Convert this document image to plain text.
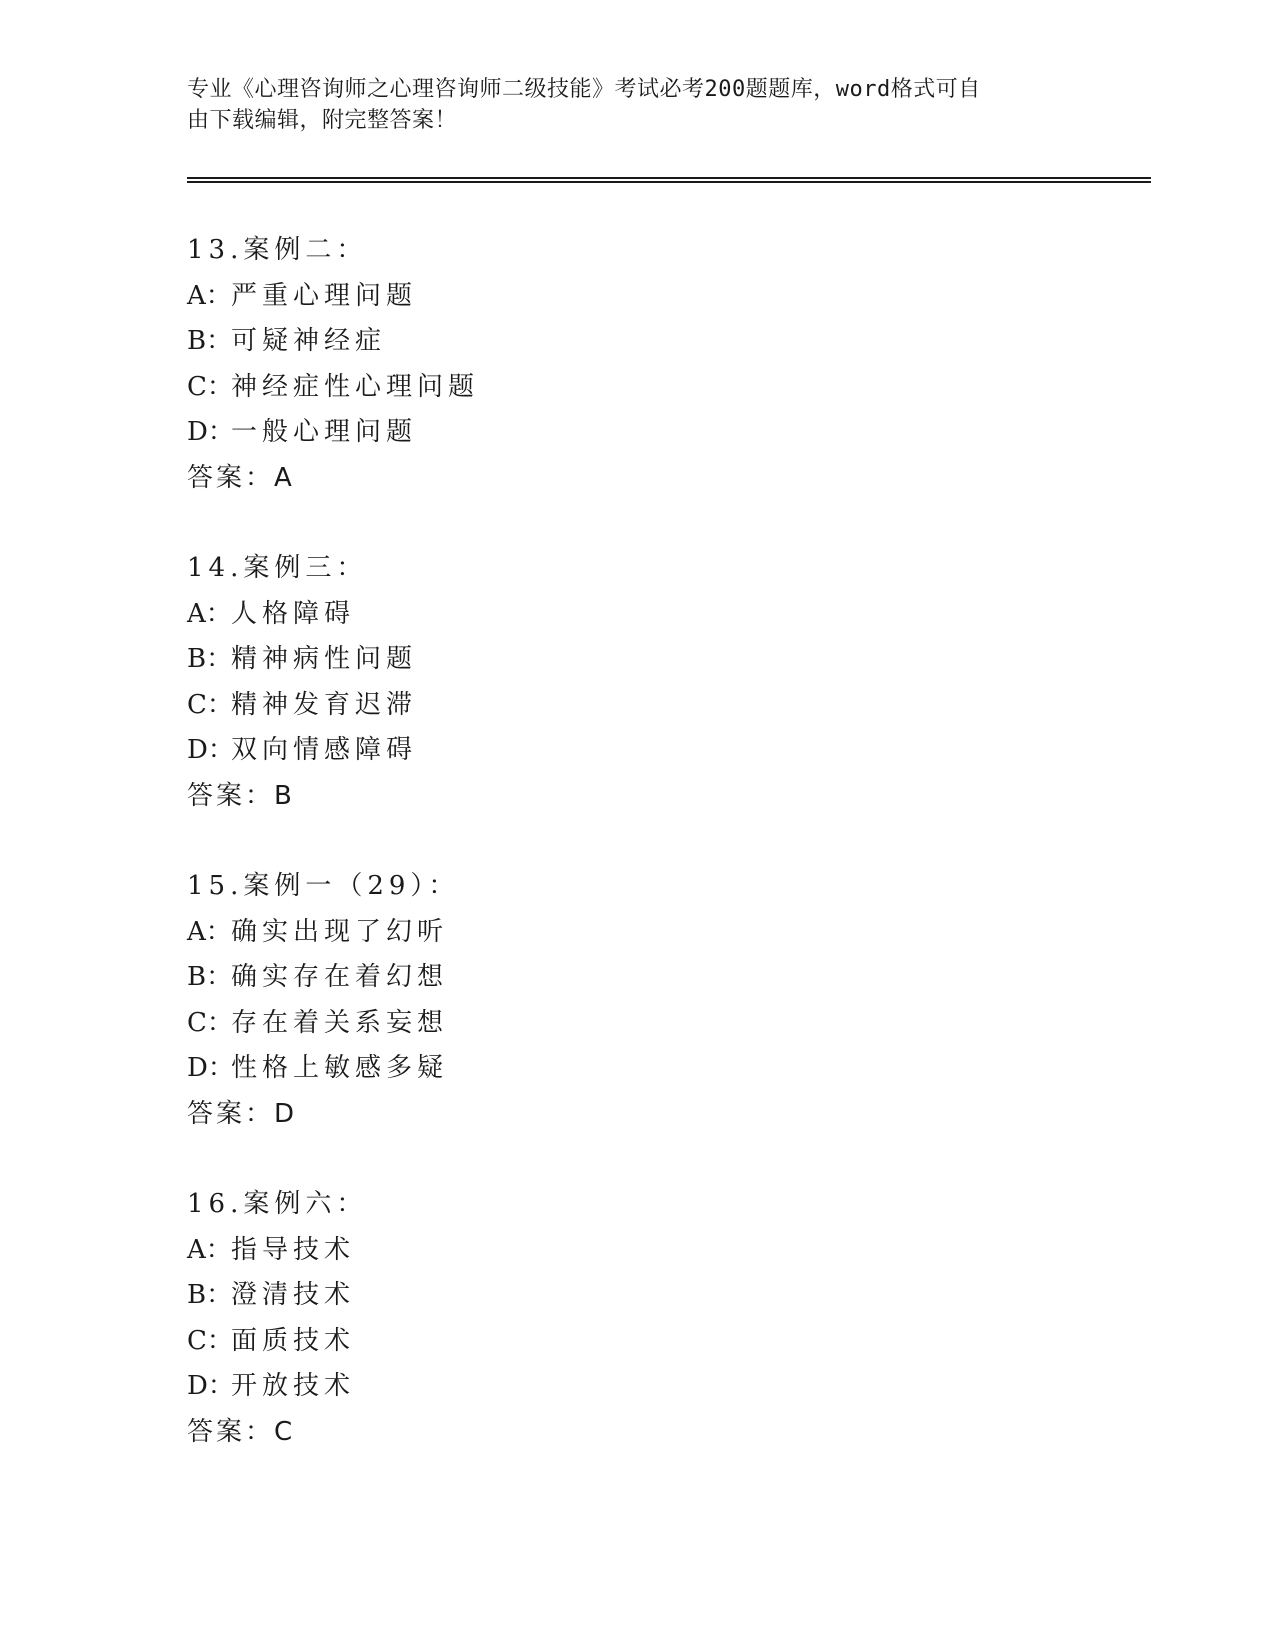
专业《心理咨询师之心理咨询师二级技能》考试必考200题题库，word格式可自
由下载编辑，附完整答案！
13.案例二：
A：严重心理问题
B：可疑神经症
C：神经症性心理问题
D：一般心理问题
答案：A
14.案例三：
A：人格障碍
B：精神病性问题
C：精神发育迟滞
D：双向情感障碍
答案：B
15.案例一（29）：
A：确实出现了幻听
B：确实存在着幻想
C：存在着关系妄想
D：性格上敏感多疑
答案：D
16.案例六：
A：指导技术
B：澄清技术
C：面质技术
D：开放技术
答案：C
